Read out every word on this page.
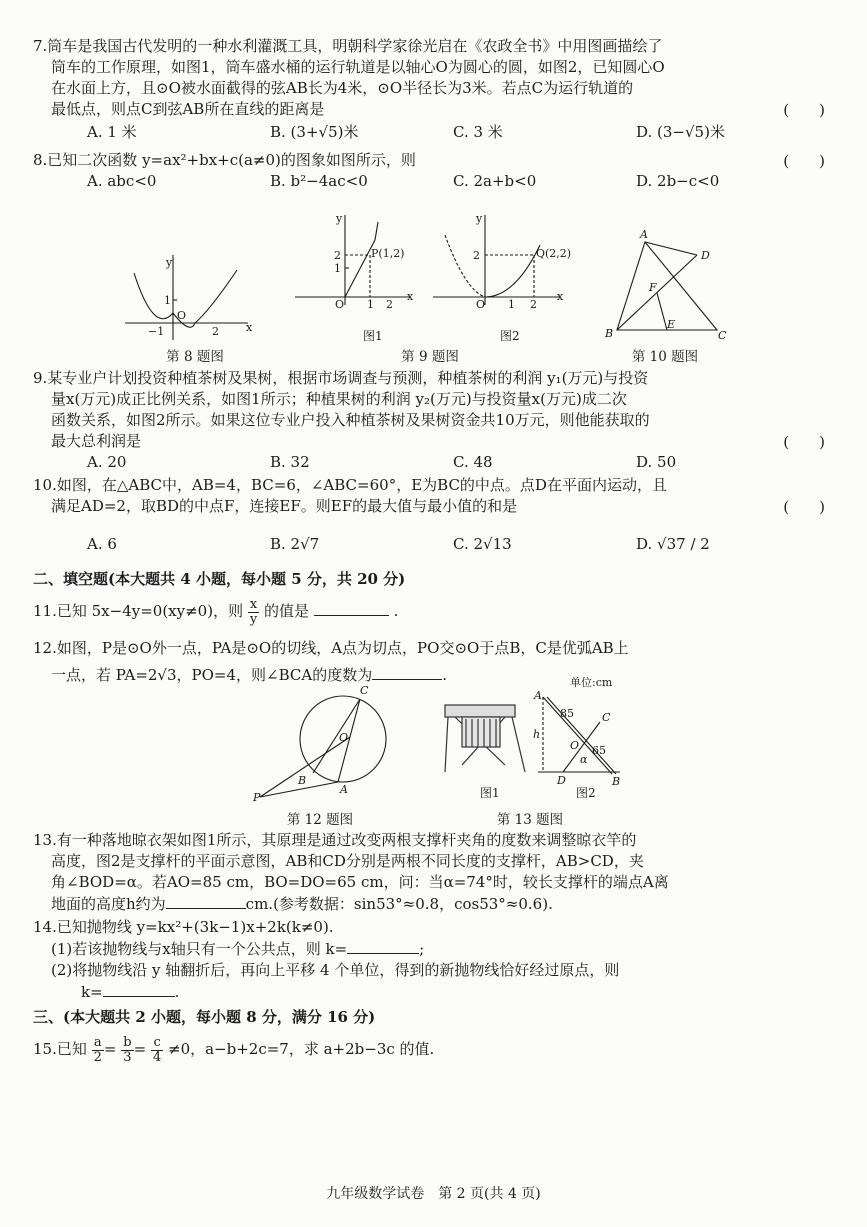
7.筒车是我国古代发明的一种水利灌溉工具，明朝科学家徐光启在《农政全书》中用图画描绘了
筒车的工作原理，如图1，筒车盛水桶的运行轨道是以轴心O为圆心的圆，如图2，已知圆心O
在水面上方，且⊙O被水面截得的弦AB长为4米，⊙O半径长为3米。若点C为运行轨道的
最低点，则点C到弦AB所在直线的距离是	(　　)
A. 1 米	B. (3+√5)米	C. 3 米	D. (3−√5)米
8.已知二次函数 y=ax²+bx+c(a≠0)的图象如图所示，则	(　　)
A. abc<0	B. b²−4ac<0	C. 2a+b<0	D. 2b−c<0
y
x
O
1
−1	2
y
x
O
2
1
1 2
P(1,2)
图1
y
x
O
2
1 2
Q(2,2)
图2
A
B	C
D
E
F
第 8 题图	第 9 题图	第 10 题图
9.某专业户计划投资种植茶树及果树，根据市场调查与预测，种植茶树的利润 y₁(万元)与投资
量x(万元)成正比例关系，如图1所示；种植果树的利润 y₂(万元)与投资量x(万元)成二次
函数关系，如图2所示。如果这位专业户投入种植茶树及果树资金共10万元，则他能获取的
最大总利润是	(　　)
A. 20	B. 32	C. 48	D. 50
10.如图，在△ABC中，AB=4，BC=6，∠ABC=60°，E为BC的中点。点D在平面内运动，且
满足AD=2，取BD的中点F，连接EF。则EF的最大值与最小值的和是	(　　)
A. 6	B. 2√7	C. 2√13	D. √37 / 2
二、填空题(本大题共 4 小题，每小题 5 分，共 20 分)
11.已知 5x−4y=0(xy≠0)，则 $\frac{x}{y}$ 的值是	.
12.如图，P是⊙O外一点，PA是⊙O的切线，A点为切点，PO交⊙O于点B，C是优弧AB上
一点，若 PA=2√3，PO=4，则∠BCA的度数为	.
C
O
B
A
P
单位:cm
A
C
O
h
D	B
85
65
α
图1	图2
第 12 题图	第 13 题图
13.有一种落地晾衣架如图1所示，其原理是通过改变两根支撑杆夹角的度数来调整晾衣竿的
高度，图2是支撑杆的平面示意图，AB和CD分别是两根不同长度的支撑杆，AB>CD，夹
角∠BOD=α。若AO=85 cm，BO=DO=65 cm，问：当α=74°时，较长支撑杆的端点A离
地面的高度h约为	cm.(参考数据：sin53°≈0.8，cos53°≈0.6).
14.已知抛物线 y=kx²+(3k−1)x+2k(k≠0).
(1)若该抛物线与x轴只有一个公共点，则 k=	;
(2)将抛物线沿 y 轴翻折后，再向上平移 4 个单位，得到的新抛物线恰好经过原点，则
k=	.
三、(本大题共 2 小题，每小题 8 分，满分 16 分)
15.已知 $\frac{a}{2} = \frac{b}{3} = \frac{c}{4} \ne 0$，a−b+2c=7，求 a+2b−3c 的值.
九年级数学试卷　第 2 页(共 4 页)
